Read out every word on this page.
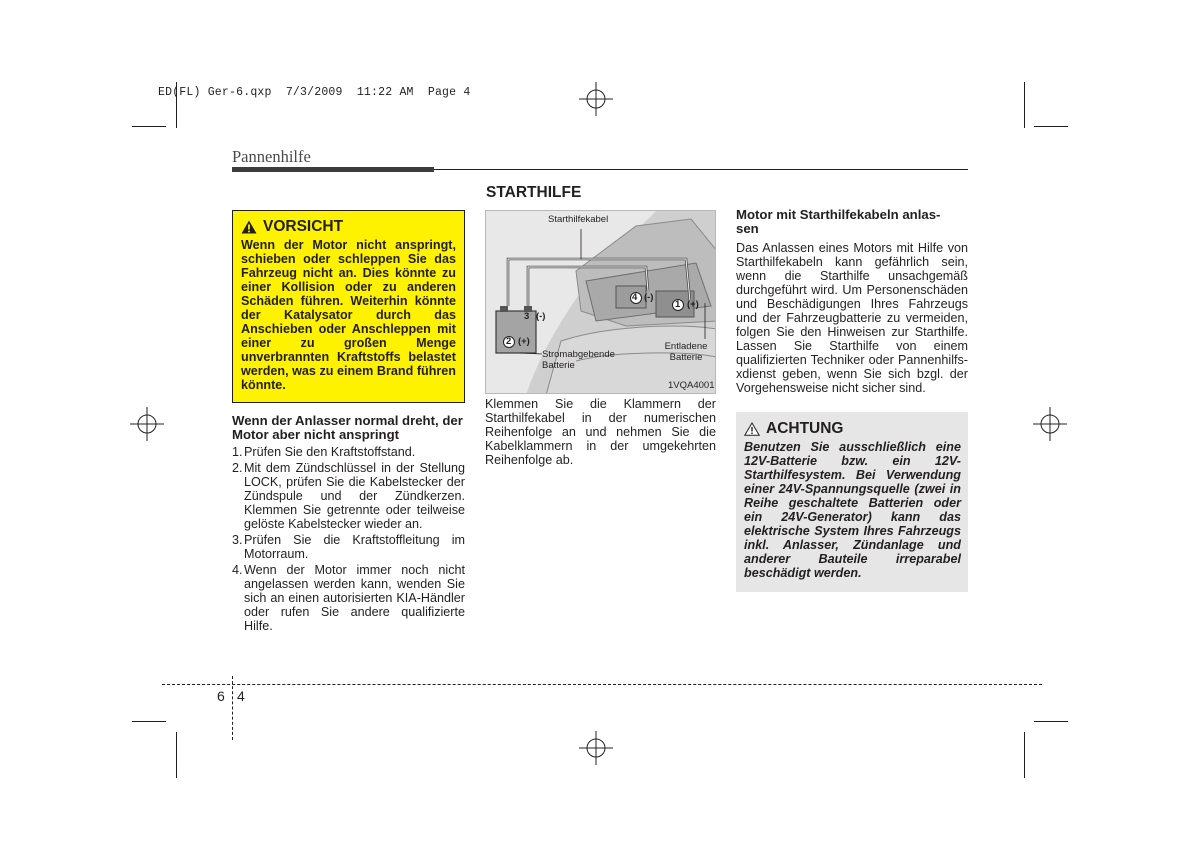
ED(FL) Ger-6.qxp  7/3/2009  11:22 AM  Page 4
Pannenhilfe
VORSICHT
Wenn der Motor nicht anspringt, schieben oder schleppen Sie das Fahrzeug nicht an. Dies könnte zu einer Kollision oder zu anderen Schäden führen. Weiterhin könnte der Katalysator durch das Anschieben oder Anschleppen mit einer zu großen Menge unverbrannten Kraftstoffs belastet werden, was zu einem Brand führen könnte.
Wenn der Anlasser normal dreht, der Motor aber nicht anspringt
1. Prüfen Sie den Kraftstoffstand.
2. Mit dem Zündschlüssel in der Stellung LOCK, prüfen Sie die Kabelstecker der Zündspule und der Zündkerzen. Klemmen Sie getrennte oder teilweise gelöste Kabelstecker wieder an.
3. Prüfen Sie die Kraftstoffleitung im Motorraum.
4. Wenn der Motor immer noch nicht angelassen werden kann, wenden Sie sich an einen autorisierten KIA-Händler oder rufen Sie andere qualifizierte Hilfe.
STARTHILFE
Starthilfekabel
Stromabgebende Batterie
Entladene Batterie
1VQA4001
4 (-)
1 (+)
3 (-)
2 (+)
Klemmen Sie die Klammern der Starthilfekabel in der numerischen Reihenfolge an und nehmen Sie die Kabelklammern in der umgekehrten Reihenfolge ab.
Motor mit Starthilfekabeln anlas-
sen
Das Anlassen eines Motors mit Hilfe von Starthilfekabeln kann gefährlich sein, wenn die Starthilfe unsachgemäß durchgeführt wird. Um Personenschäden und Beschädigungen Ihres Fahrzeugs und der Fahrzeugbatterie zu vermeiden, folgen Sie den Hinweisen zur Starthilfe. Lassen Sie Starthilfe von einem qualifizierten Techniker oder Pannenhilfs-xdienst geben, wenn Sie sich bzgl. der Vorgehensweise nicht sicher sind.
ACHTUNG
Benutzen Sie ausschließlich eine 12V-Batterie bzw. ein 12V-Starthilfesystem. Bei Verwendung einer 24V-Spannungsquelle (zwei in Reihe geschaltete Batterien oder ein 24V-Generator) kann das elektrische System Ihres Fahrzeugs inkl. Anlasser, Zündanlage und anderer Bauteile irreparabel beschädigt werden.
6 4
